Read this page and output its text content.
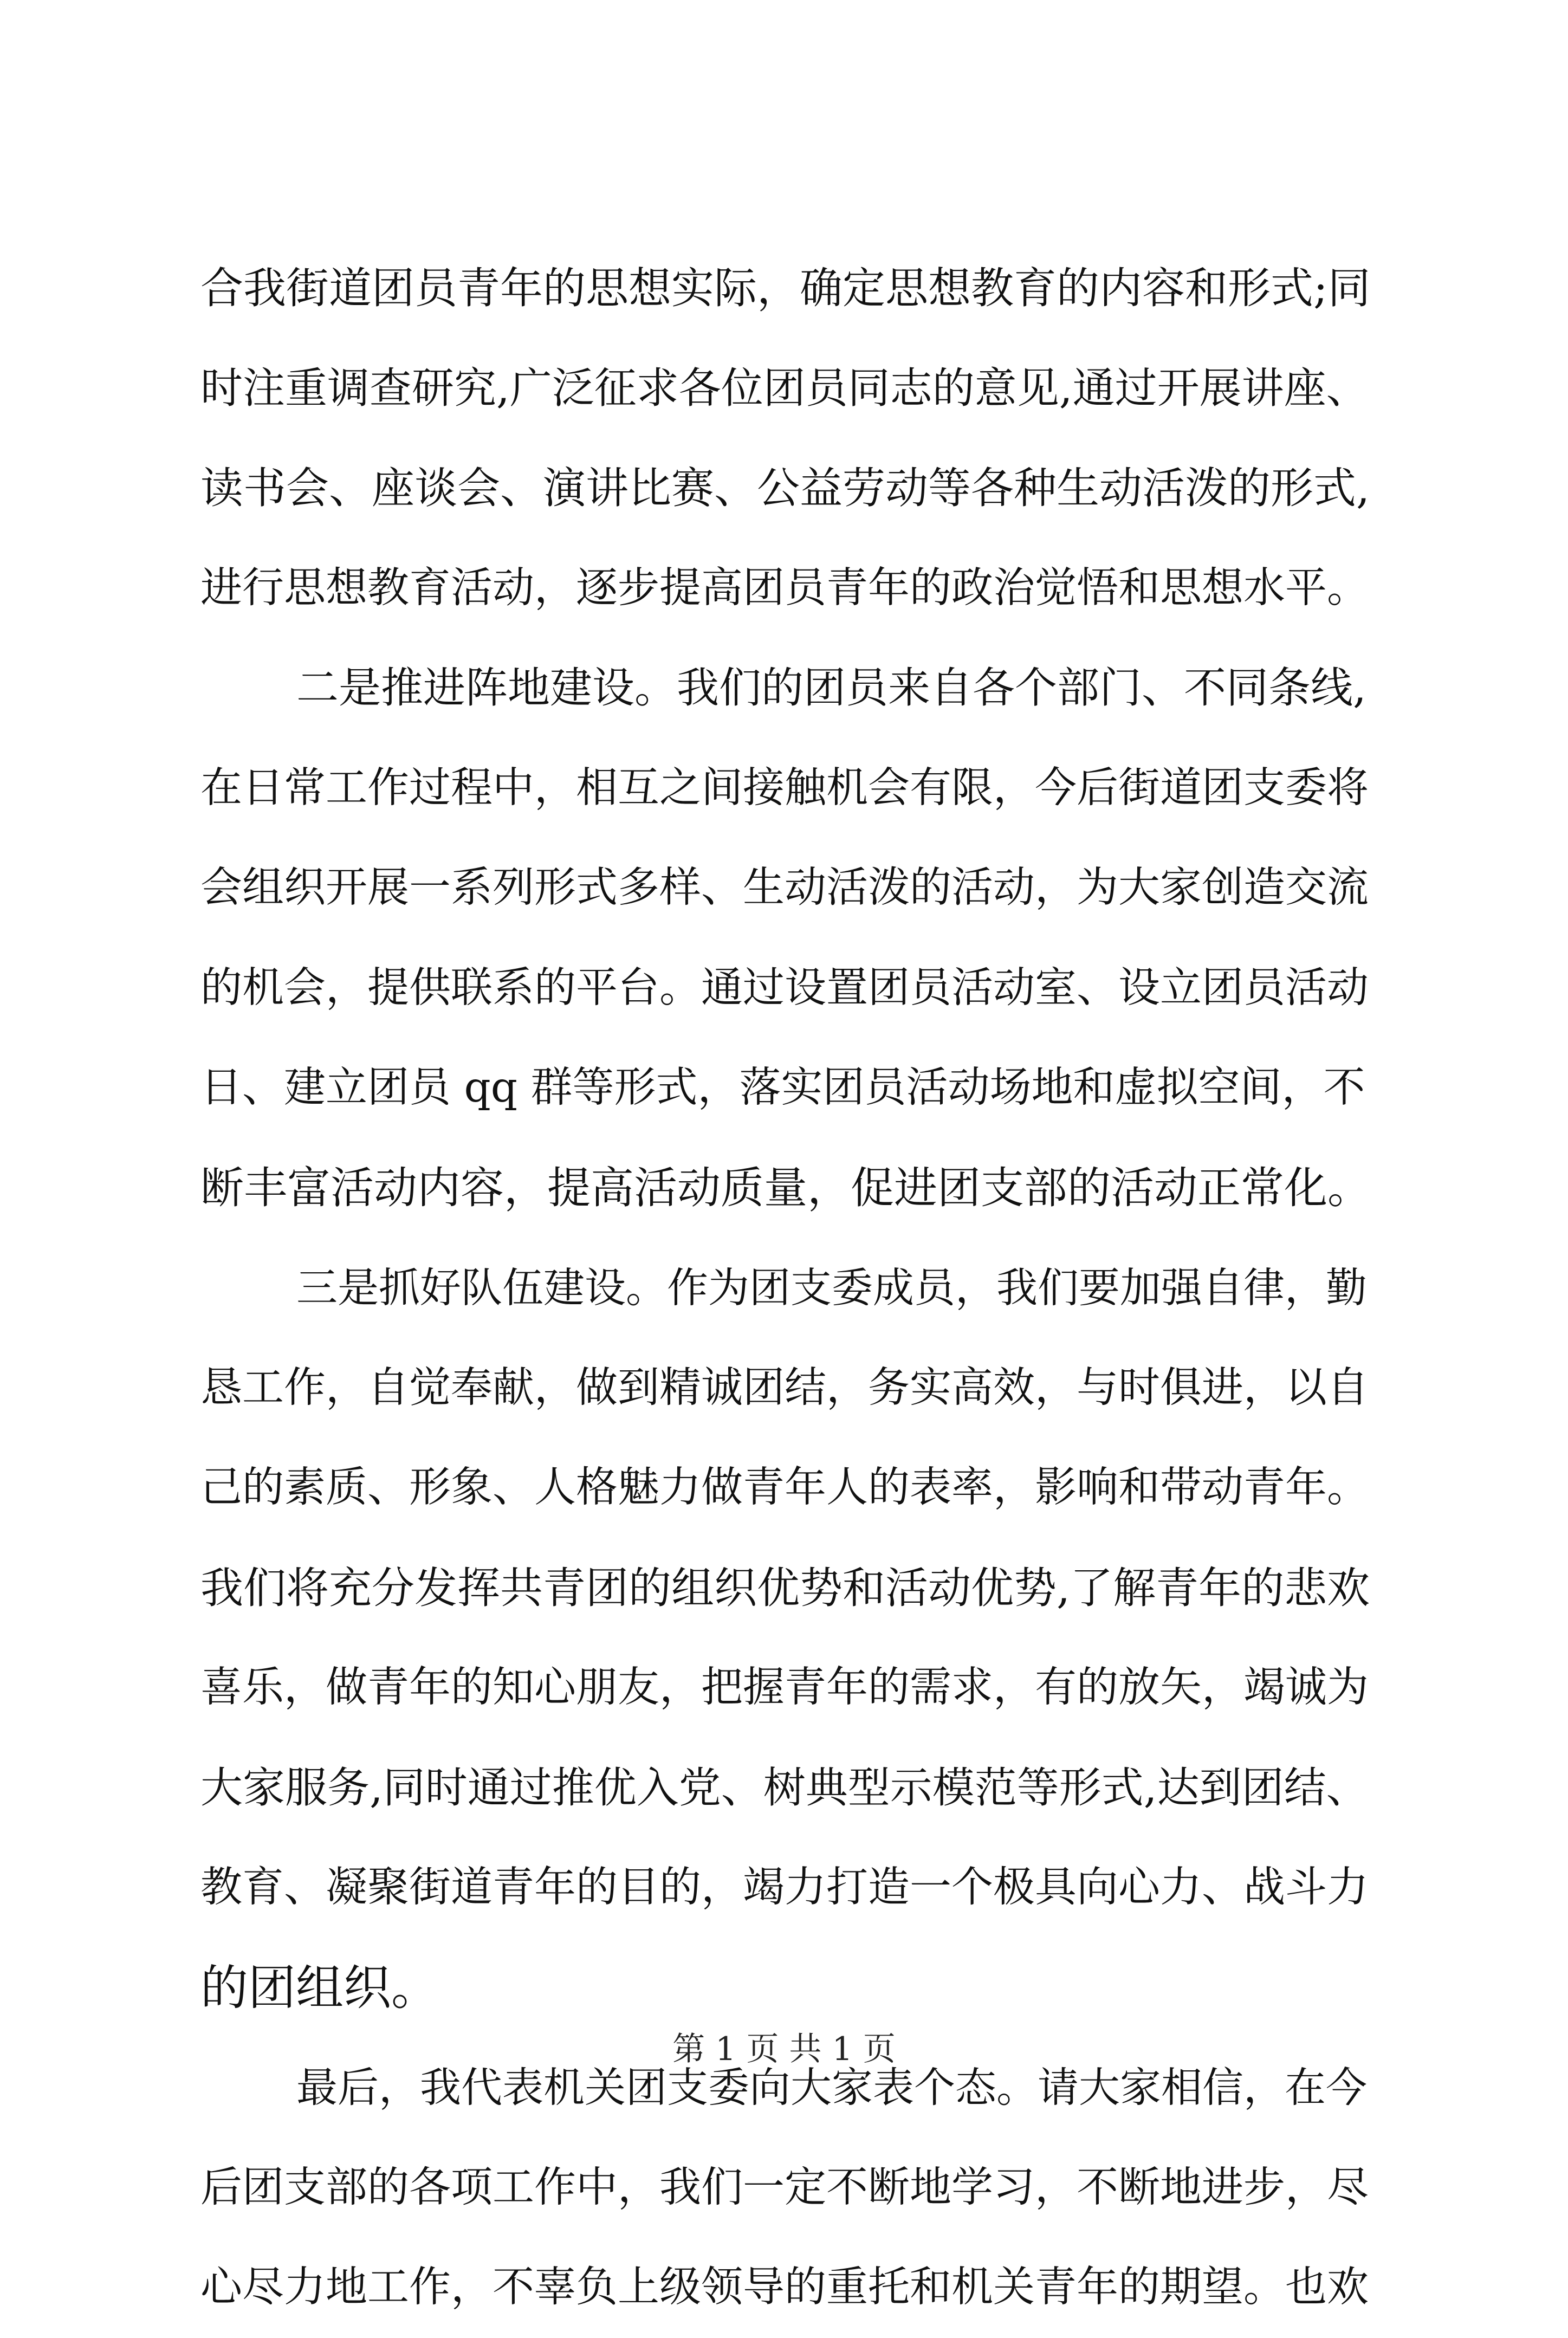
合我街道团员青年的思想实际，确定思想教育的内容和形式;同
时注重调查研究,广泛征求各位团员同志的意见,通过开展讲座、
读书会、座谈会、演讲比赛、公益劳动等各种生动活泼的形式,
进行思想教育活动，逐步提高团员青年的政治觉悟和思想水平。
二是推进阵地建设。我们的团员来自各个部门、不同条线,
在日常工作过程中，相互之间接触机会有限，今后街道团支委将
会组织开展一系列形式多样、生动活泼的活动，为大家创造交流
的机会，提供联系的平台。通过设置团员活动室、设立团员活动
日、建立团员 qq 群等形式，落实团员活动场地和虚拟空间，不
断丰富活动内容，提高活动质量，促进团支部的活动正常化。
三是抓好队伍建设。作为团支委成员，我们要加强自律，勤
恳工作，自觉奉献，做到精诚团结，务实高效，与时俱进，以自
己的素质、形象、人格魅力做青年人的表率，影响和带动青年。
我们将充分发挥共青团的组织优势和活动优势,了解青年的悲欢
喜乐，做青年的知心朋友，把握青年的需求，有的放矢，竭诚为
大家服务,同时通过推优入党、树典型示模范等形式,达到团结、
教育、凝聚街道青年的目的，竭力打造一个极具向心力、战斗力
的团组织。
最后，我代表机关团支委向大家表个态。请大家相信，在今
后团支部的各项工作中，我们一定不断地学习，不断地进步，尽
心尽力地工作，不辜负上级领导的重托和机关青年的期望。也欢
第 1 页 共 1 页
